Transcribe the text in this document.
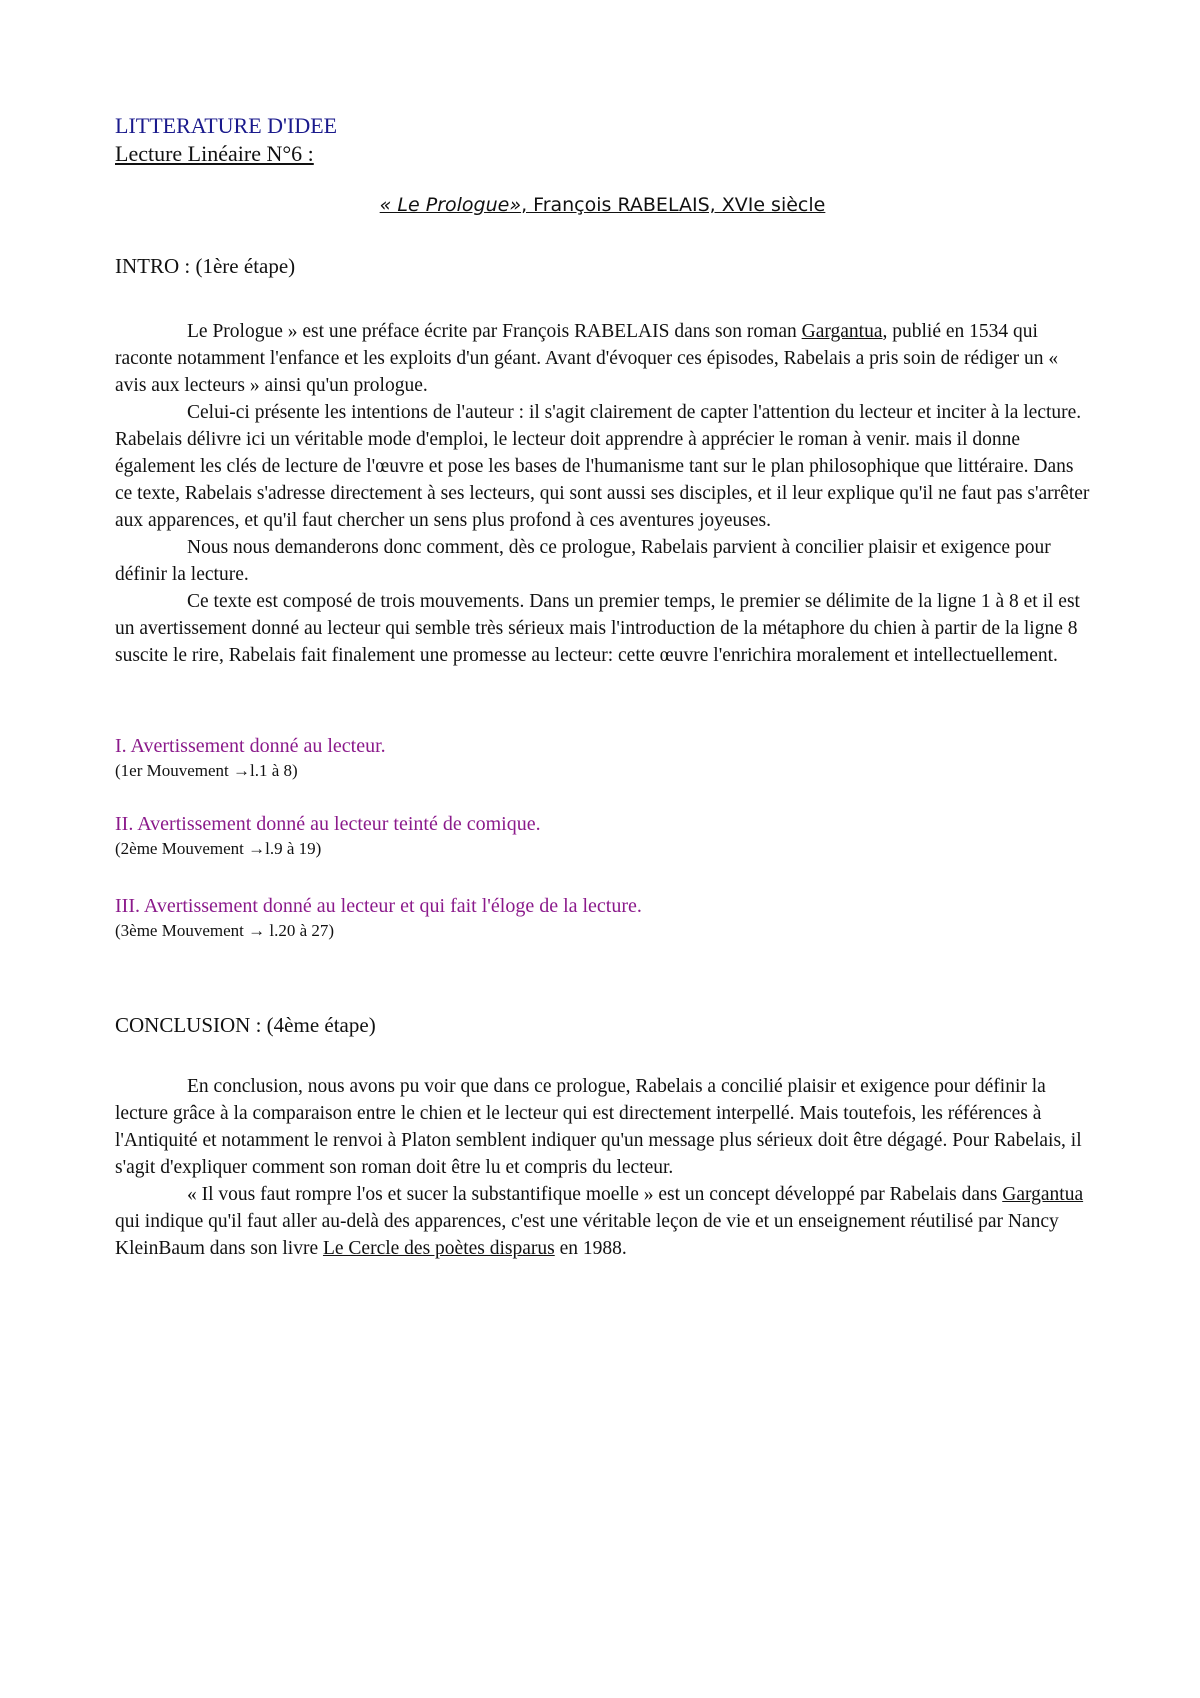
LITTERATURE D'IDEE
Lecture Linéaire N°6 :
« Le Prologue», François RABELAIS, XVIe siècle
INTRO : (1ère étape)

Le Prologue » est une préface écrite par François RABELAIS dans son roman Gargantua, publié en 1534 qui raconte notamment l'enfance et les exploits d'un géant. Avant d'évoquer ces épisodes, Rabelais a pris soin de rédiger un « avis aux lecteurs » ainsi qu'un prologue.

Celui-ci présente les intentions de l'auteur : il s'agit clairement de capter l'attention du lecteur et inciter à la lecture. Rabelais délivre ici un véritable mode d'emploi, le lecteur doit apprendre à apprécier le roman à venir. mais il donne également les clés de lecture de l'œuvre et pose les bases de l'humanisme tant sur le plan philosophique que littéraire. Dans ce texte, Rabelais s'adresse directement à ses lecteurs, qui sont aussi ses disciples, et il leur explique qu'il ne faut pas s'arrêter aux apparences, et qu'il faut chercher un sens plus profond à ces aventures joyeuses.

Nous nous demanderons donc comment, dès ce prologue, Rabelais parvient à concilier plaisir et exigence pour définir la lecture.

Ce texte est composé de trois mouvements. Dans un premier temps, le premier se délimite de la ligne 1 à 8 et il est un avertissement donné au lecteur qui semble très sérieux mais l'introduction de la métaphore du chien à partir de la ligne 8 suscite le rire, Rabelais fait finalement une promesse au lecteur: cette œuvre l'enrichira moralement et intellectuellement.

I. Avertissement donné au lecteur.
(1er Mouvement →l.1 à 8)
II. Avertissement donné au lecteur teinté de comique.
(2ème Mouvement →l.9 à 19)
III. Avertissement donné au lecteur et qui fait l'éloge de la lecture.
(3ème Mouvement → l.20 à 27)
CONCLUSION : (4ème étape)

En conclusion, nous avons pu voir que dans ce prologue, Rabelais a concilié plaisir et exigence pour définir la lecture grâce à la comparaison entre le chien et le lecteur qui est directement interpellé. Mais toutefois, les références à l'Antiquité et notamment le renvoi à Platon semblent indiquer qu'un message plus sérieux doit être dégagé. Pour Rabelais, il s'agit d'expliquer comment son roman doit être lu et compris du lecteur.

« Il vous faut rompre l'os et sucer la substantifique moelle » est un concept développé par Rabelais dans Gargantua qui indique qu'il faut aller au-delà des apparences, c'est une véritable leçon de vie et un enseignement réutilisé par Nancy KleinBaum dans son livre Le Cercle des poètes disparus en 1988.
